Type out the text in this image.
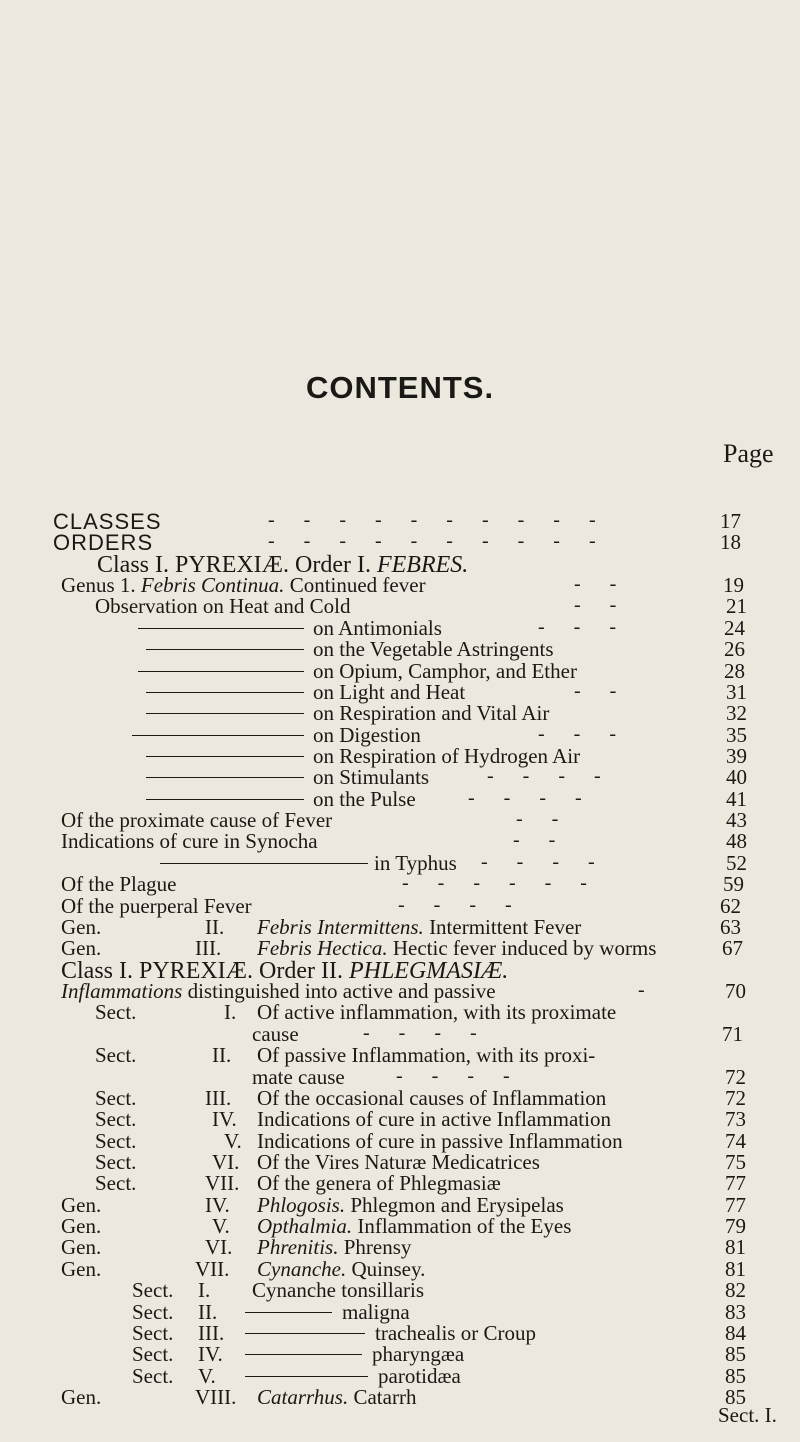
CONTENTS.
Page
CLASSES	- - - - - - - - - -	17
ORDERS	- - - - - - - - - -	18
Class I. PYREXIÆ. Order I. FEBRES.
Genus 1. Febris Continua. Continued fever	- -	19
Observation on Heat and Cold	- -	21
on Antimonials	- - -	24
on the Vegetable Astringents	26
on Opium, Camphor, and Ether	28
on Light and Heat	- -	31
on Respiration and Vital Air	32
on Digestion	- - -	35
on Respiration of Hydrogen Air	39
on Stimulants	- - - -	40
on the Pulse	- - - -	41
Of the proximate cause of Fever	- -	43
Indications of cure in Synocha	- -	48
in Typhus - - - -	52
Of the Plague	- - - - - -	59
Of the puerperal Fever	- - - -	62
Gen.	II. Febris Intermittens. Intermittent Fever	63
Gen.	III. Febris Hectica. Hectic fever induced by worms	67
Class I. PYREXIÆ. Order II. PHLEGMASIÆ.
Inflammations distinguished into active and passive	-	70
Sect.	I. Of active inflammation, with its proximate
cause	- - - -	71
Sect.	II. Of passive Inflammation, with its proxi-
mate cause	- - - -	72
Sect.	III. Of the occasional causes of Inflammation	72
Sect.	IV. Indications of cure in active Inflammation	73
Sect.	V. Indications of cure in passive Inflammation	74
Sect.	VI. Of the Vires Naturæ Medicatrices	75
Sect.	VII. Of the genera of Phlegmasiæ	77
Gen.	IV. Phlogosis. Phlegmon and Erysipelas	77
Gen.	V. Opthalmia. Inflammation of the Eyes	79
Gen.	VI. Phrenitis. Phrensy	81
Gen.	VII. Cynanche. Quinsey.	81
Sect. I. Cynanche tonsillaris	82
Sect. II.	maligna	83
Sect. III.	trachealis or Croup	84
Sect. IV.	pharyngæa	85
Sect. V.	parotidæa	85
Gen.	VIII. Catarrhus. Catarrh	85
Sect. I.
